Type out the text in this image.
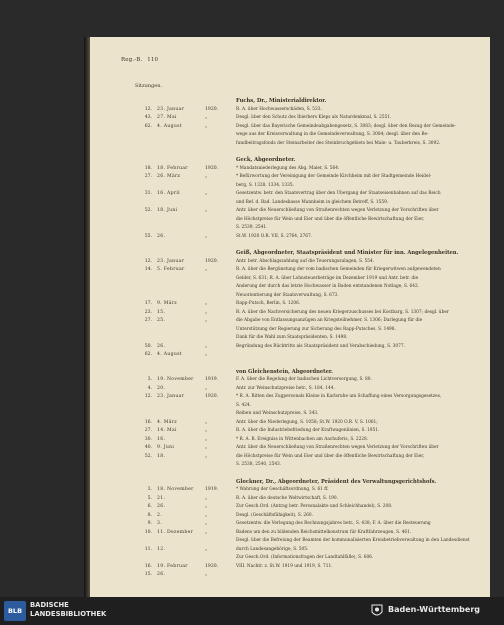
Reg.-B. 110
Sitzungen.
Fuchs, Dr., Ministerialdirektor.
12. 23. Januar	1920.	R. A. über Hochwasserschäden, S. 533.
43. 27. Mai	„	Desgl. über den Schutz des Ibierbers Kleps als Naturdenkmal, S. 2551.
62. 4. August	„	Desgl. über das Bayerische Gemeindeabgabengesetz, S. 3083; desgl. über den Bezug der Gemeinde-
wege aus der Kreisverwaltung in die Gemeindeverwaltung, S. 3084; desgl. über den Be-
fundbeitragsfonds der Steinarbeiter des Steinbruchgebiets bei Main- u. Tauberkreis, S. 3092.
Geck, Abgeordneter.
18. 18. Februar	1920.	* Mandatsniederlegung des Abg. Maier, S. 564.
27. 26. März	„	* Befürwortung der Vereinigung der Gemeinde Kirchheim mit der Stadtgemeinde Heidel-
berg, S. 1328, 1334, 1335.
31. 16. April	„	Gesetzentw. betr. den Staatsvertrag über den Übergang der Staatseisenbahnen auf das Reich
und Bef. d. Bad. Landeskasse Mannheim in gleichem Betreff, S. 1559.
52. 18. Juni	„	Antr. über die Neuerschließung von Straßenrechten wegen Verletzung der Vorschriften über
die Höchstpreise für Wein und Eier und über die öffentliche Bewirtschaftung der Eier,
S. 2539, 2541.
55. 26.	„	St.W. 1920 O.R. VII, S. 2764, 2767.
Geiß, Abgeordneter, Staatspräsident und Minister für inn. Angelegenheiten.
12. 23. Januar	1920.	Antr. betr. Abschlagszahlung auf die Teuerungszulagen, S. 554.
14. 5. Februar	„	R. A. über die Bergünstung der vom badischen Gemeinden für Kriegerwitwen aufgewendeten
Gelder, S. 631; R. A. über Lohnsteuerbeträge im Dezember 1919 und Antr. betr. die
Änderung der durch das letzte Hochwasser in Baden entstandenen Notlage, S. 642.
Neuorientierung der Staatsverwaltung, S. 673.
17. 9. März	„	Rapp-Putsch, Berlin, S. 1206.
23. 15.	„	R. A. über die Nachversicherung des neuen Kriegerzuschusses bei Kostbarg, S. 1307; desgl. über
27. 25.	„	die Abgabe von Entlassungsanzügen an Kriegsteilnehmer, S. 1306; Darlegung für die
Unterstützung der Regierung zur Sicherung des Rapp-Putsches, S. 1498.
Dank für die Wahl zum Staatspräsidenten, S. 1498.
50. 26.	„	Begründung des Rücktritts als Staatspräsident und Verabschiedung, S. 3077.
62. 4. August	„
von Gleichenstein, Abgeordneter.
3. 19. November 1919.	F. A. über die Regelung der badischen Lichtversorgung, S. 80.
4. 20.	„	Antr. zur Weinschutzpreise betr., S. 184, 144.
12. 23. Januar	1920.	* R. A. Bitten des Zugpersonals Kleine in Karlsruhe um Schaffung eines Versorgungsgesetzes,
S. 424.
Reiben und Weinschutzpreise, S. 343.
16. 4. März	„	Antr. über die Niederlegung, S. 1058; St.W. 1920 O.R. V, S. 1061;
27. 14. Mai	„	R. A. über die Industriebefriedung der Kraftwagenlinien, S. 1951.
30. 16.	„	* R. A. R. Ereigniss in Wittenbachen am Aachuferis, S. 2228.
40. 9. Juni	„	Antr. über die Neuerschließung von Straßenrechten wegen Verletzung der Vorschriften über
52. 18.	„	die Höchstpreise für Wein und Eier und über die öffentliche Bewirtschaftung der Eier,
S. 2538, 2540, 2543.
Glockner, Dr., Abgeordneter, Präsident des Verwaltungsgerichtshofs.
3. 18. November 1919.	* Wahrung der Geschäftsordnung, S. 61 ff.
5. 21.	„	R. A. über die deutsche Weltwirtschaft, S. 190.
6. 26.	„	Zur Gesch.Ord. (Antrag betr. Personalakte und Schleichhandel), S. 208.
8. 2.	„	Desgl. (Geschäftsfähigkeit), S. 260.
9. 3.	„	Gesetzentw. die Verlegung des Rechnungsjahres betr., S. 438; F. A. über die Besteuerung
10. 11. Dezember	„	Badens um den zu bildenden Reichsmittelkonstrum für Kraftfahrzeugen, S. 461.
Desgl. über die Befreiung der Beamten der kommunalisierten Kreisbetriebverwaltung in den Landesdienst
11. 12.	„	durch Landesangehörige, S. 505.
Zur Gesch.Ord. (Informationsfragen der Landtahlfälle), S. 606.
16. 19. Februar	1920.	VIII. Nachtr. z. St.W. 1919 und 1919, S. 711.
15. 26.	„
BLB
BADISCHE
LANDESBIBLIOTHEK	Baden-Württemberg
